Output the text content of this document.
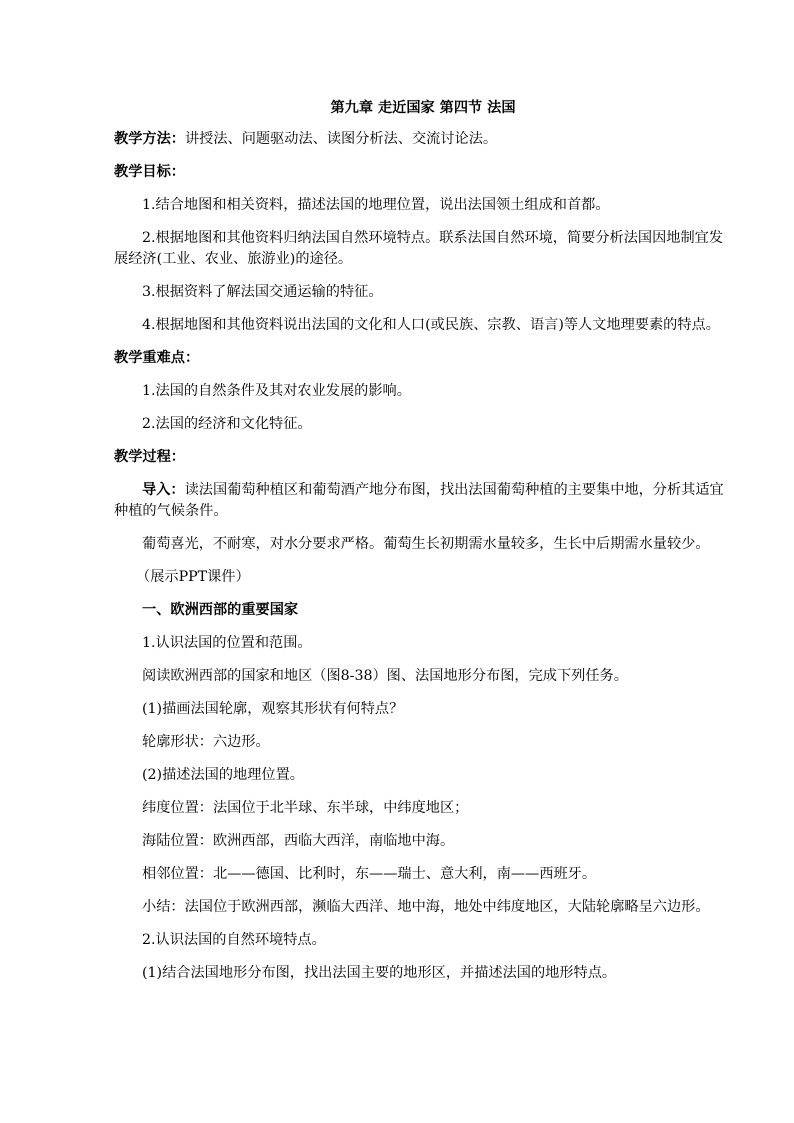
第九章 走近国家 第四节 法国
教学方法：讲授法、问题驱动法、读图分析法、交流讨论法。
教学目标：
1.结合地图和相关资料，描述法国的地理位置，说出法国领土组成和首都。
2.根据地图和其他资料归纳法国自然环境特点。联系法国自然环境，简要分析法国因地制宜发展经济(工业、农业、旅游业)的途径。
3.根据资料了解法国交通运输的特征。
4.根据地图和其他资料说出法国的文化和人口(或民族、宗教、语言)等人文地理要素的特点。
教学重难点：
1.法国的自然条件及其对农业发展的影响。
2.法国的经济和文化特征。
教学过程：
导入：读法国葡萄种植区和葡萄酒产地分布图，找出法国葡萄种植的主要集中地，分析其适宜种植的气候条件。
葡萄喜光，不耐寒，对水分要求严格。葡萄生长初期需水量较多，生长中后期需水量较少。
（展示PPT课件）
一、欧洲西部的重要国家
1.认识法国的位置和范围。
阅读欧洲西部的国家和地区（图8-38）图、法国地形分布图，完成下列任务。
(1)描画法国轮廓，观察其形状有何特点？
轮廓形状：六边形。
(2)描述法国的地理位置。
纬度位置：法国位于北半球、东半球，中纬度地区；
海陆位置：欧洲西部，西临大西洋，南临地中海。
相邻位置：北——德国、比利时，东——瑞士、意大利，南——西班牙。
小结：法国位于欧洲西部，濒临大西洋、地中海，地处中纬度地区，大陆轮廓略呈六边形。
2.认识法国的自然环境特点。
(1)结合法国地形分布图，找出法国主要的地形区，并描述法国的地形特点。
